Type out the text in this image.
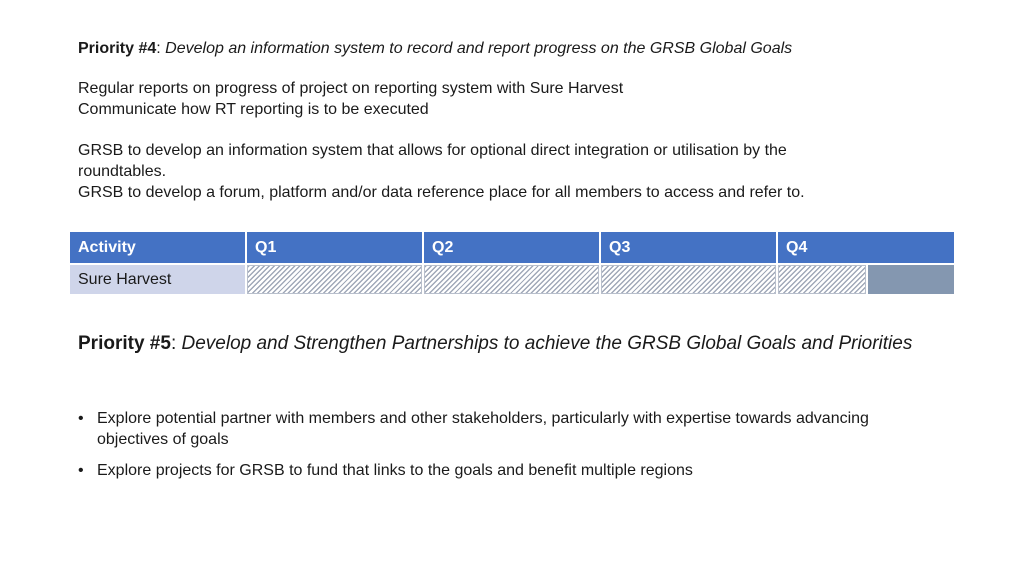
Priority #4: Develop an information system to record and report progress on the GRSB Global Goals
Regular reports on progress of project on reporting system with Sure Harvest
Communicate how RT reporting is to be executed
GRSB to develop an information system that allows for optional direct integration or utilisation by the roundtables.
GRSB to develop a forum, platform and/or data reference place for all members to access and refer to.
Activity	Q1	Q2	Q3	Q4
Sure Harvest	

Priority #5: Develop and Strengthen Partnerships to achieve the GRSB Global Goals and Priorities
• Explore potential partner with members and other stakeholders, particularly with expertise towards advancing objectives of goals
• Explore projects for GRSB to fund that links to the goals and benefit multiple regions
